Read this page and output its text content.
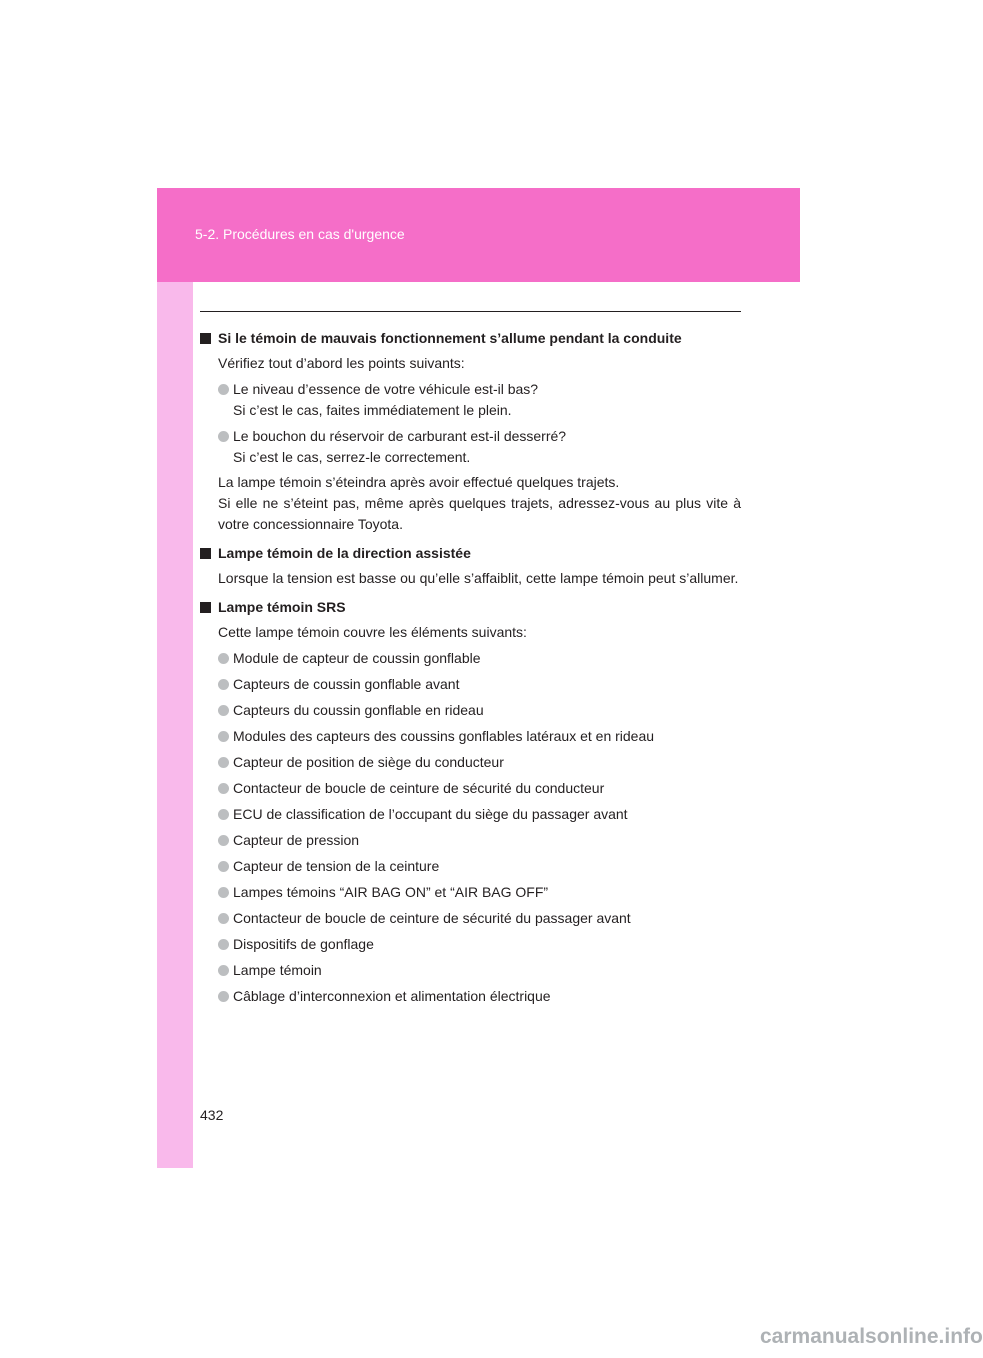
5-2. Procédures en cas d'urgence
Si le témoin de mauvais fonctionnement s’allume pendant la conduite
Vérifiez tout d’abord les points suivants:
Le niveau d’essence de votre véhicule est-il bas?
Si c’est le cas, faites immédiatement le plein.
Le bouchon du réservoir de carburant est-il desserré?
Si c’est le cas, serrez-le correctement.
La lampe témoin s’éteindra après avoir effectué quelques trajets.
Si elle ne s’éteint pas, même après quelques trajets, adressez-vous au plus vite à votre concessionnaire Toyota.
Lampe témoin de la direction assistée
Lorsque la tension est basse ou qu’elle s’affaiblit, cette lampe témoin peut s’allumer.
Lampe témoin SRS
Cette lampe témoin couvre les éléments suivants:
Module de capteur de coussin gonflable
Capteurs de coussin gonflable avant
Capteurs du coussin gonflable en rideau
Modules des capteurs des coussins gonflables latéraux et en rideau
Capteur de position de siège du conducteur
Contacteur de boucle de ceinture de sécurité du conducteur
ECU de classification de l’occupant du siège du passager avant
Capteur de pression
Capteur de tension de la ceinture
Lampes témoins “AIR BAG ON” et “AIR BAG OFF”
Contacteur de boucle de ceinture de sécurité du passager avant
Dispositifs de gonflage
Lampe témoin
Câblage d’interconnexion et alimentation électrique
432
carmanualsonline.info
